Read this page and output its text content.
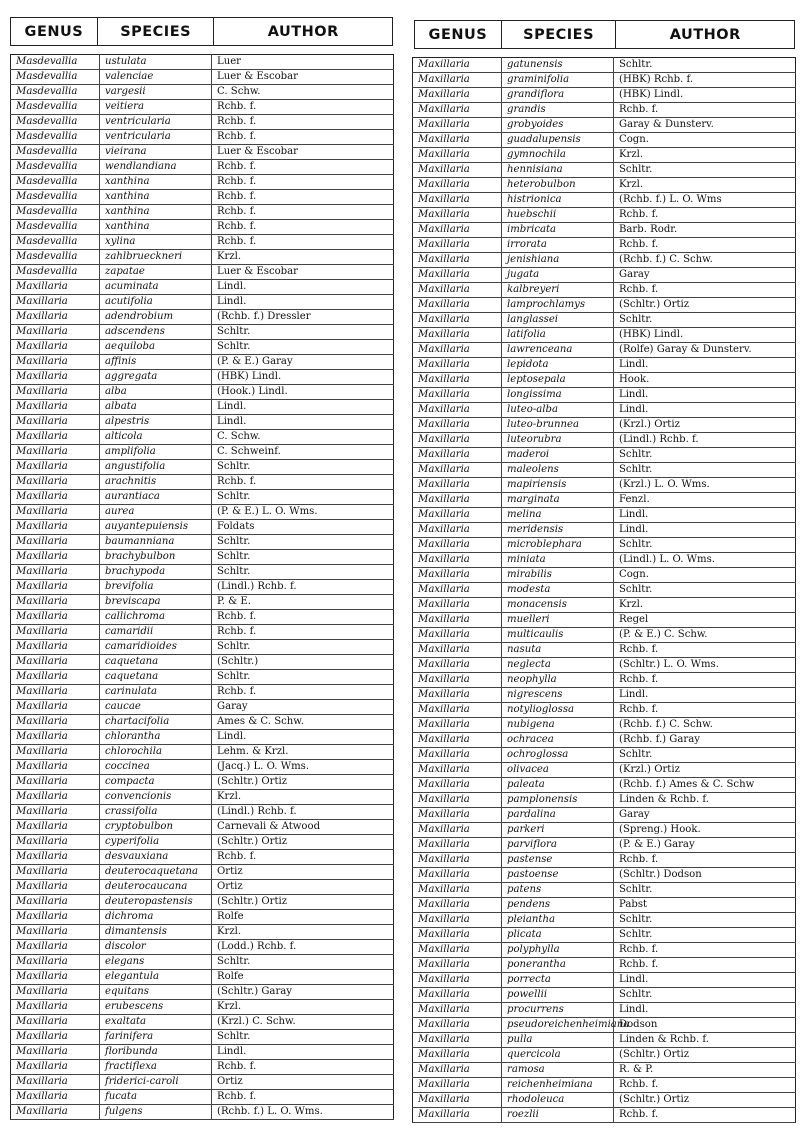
GENUS	SPECIES	AUTHOR	GENUS	SPECIES	AUTHOR
Masdevallia	ustulata	Luer
Masdevallia	valenciae	Luer & Escobar
Masdevallia	vargesii	C. Schw.
Masdevallia	veitiera	Rchb. f.
Masdevallia	ventricularia	Rchb. f.
Masdevallia	ventricularia	Rchb. f.
Masdevallia	vieirana	Luer & Escobar
Masdevallia	wendlandiana	Rchb. f.
Masdevallia	xanthina	Rchb. f.
Masdevallia	xanthina	Rchb. f.
Masdevallia	xanthina	Rchb. f.
Masdevallia	xanthina	Rchb. f.
Masdevallia	xylina	Rchb. f.
Masdevallia	zahlbrueckneri	Krzl.
Masdevallia	zapatae	Luer & Escobar
Maxillaria	acuminata	Lindl.
Maxillaria	acutifolia	Lindl.
Maxillaria	adendrobium	(Rchb. f.) Dressler
Maxillaria	adscendens	Schltr.
Maxillaria	aequiloba	Schltr.
Maxillaria	affinis	(P. & E.) Garay
Maxillaria	aggregata	(HBK) Lindl.
Maxillaria	alba	(Hook.) Lindl.
Maxillaria	albata	Lindl.
Maxillaria	alpestris	Lindl.
Maxillaria	alticola	C. Schw.
Maxillaria	amplifolia	C. Schweinf.
Maxillaria	angustifolia	Schltr.
Maxillaria	arachnitis	Rchb. f.
Maxillaria	aurantiaca	Schltr.
Maxillaria	aurea	(P. & E.) L. O. Wms.
Maxillaria	auyantepuiensis	Foldats
Maxillaria	baumanniana	Schltr.
Maxillaria	brachybulbon	Schltr.
Maxillaria	brachypoda	Schltr.
Maxillaria	brevifolia	(Lindl.) Rchb. f.
Maxillaria	breviscapa	P. & E.
Maxillaria	callichroma	Rchb. f.
Maxillaria	camaridii	Rchb. f.
Maxillaria	camaridioides	Schltr.
Maxillaria	caquetana	(Schltr.)
Maxillaria	caquetana	Schltr.
Maxillaria	carinulata	Rchb. f.
Maxillaria	caucae	Garay
Maxillaria	chartacifolia	Ames & C. Schw.
Maxillaria	chlorantha	Lindl.
Maxillaria	chlorochila	Lehm. & Krzl.
Maxillaria	coccinea	(Jacq.) L. O. Wms.
Maxillaria	compacta	(Schltr.) Ortiz
Maxillaria	convencionis	Krzl.
Maxillaria	crassifolia	(Lindl.) Rchb. f.
Maxillaria	cryptobulbon	Carnevali & Atwood
Maxillaria	cyperifolia	(Schltr.) Ortiz
Maxillaria	desvauxiana	Rchb. f.
Maxillaria	deuterocaquetana	Ortiz
Maxillaria	deuterocaucana	Ortiz
Maxillaria	deuteropastensis	(Schltr.) Ortiz
Maxillaria	dichroma	Rolfe
Maxillaria	dimantensis	Krzl.
Maxillaria	discolor	(Lodd.) Rchb. f.
Maxillaria	elegans	Schltr.
Maxillaria	elegantula	Rolfe
Maxillaria	equitans	(Schltr.) Garay
Maxillaria	erubescens	Krzl.
Maxillaria	exaltata	(Krzl.) C. Schw.
Maxillaria	farinifera	Schltr.
Maxillaria	floribunda	Lindl.
Maxillaria	fractiflexa	Rchb. f.
Maxillaria	friderici-caroli	Ortiz
Maxillaria	fucata	Rchb. f.
Maxillaria	fulgens	(Rchb. f.) L. O. Wms.
Maxillaria	gatunensis	Schltr.
Maxillaria	graminifolia	(HBK) Rchb. f.
Maxillaria	grandiflora	(HBK) Lindl.
Maxillaria	grandis	Rchb. f.
Maxillaria	grobyoides	Garay & Dunsterv.
Maxillaria	guadalupensis	Cogn.
Maxillaria	gymnochila	Krzl.
Maxillaria	hennisiana	Schltr.
Maxillaria	heterobulbon	Krzl.
Maxillaria	histrionica	(Rchb. f.) L. O. Wms
Maxillaria	huebschii	Rchb. f.
Maxillaria	imbricata	Barb. Rodr.
Maxillaria	irrorata	Rchb. f.
Maxillaria	jenishiana	(Rchb. f.) C. Schw.
Maxillaria	jugata	Garay
Maxillaria	kalbreyeri	Rchb. f.
Maxillaria	lamprochlamys	(Schltr.) Ortiz
Maxillaria	langlassei	Schltr.
Maxillaria	latifolia	(HBK) Lindl.
Maxillaria	lawrenceana	(Rolfe) Garay & Dunsterv.
Maxillaria	lepidota	Lindl.
Maxillaria	leptosepala	Hook.
Maxillaria	longissima	Lindl.
Maxillaria	luteo-alba	Lindl.
Maxillaria	luteo-brunnea	(Krzl.) Ortiz
Maxillaria	luteorubra	(Lindl.) Rchb. f.
Maxillaria	maderoi	Schltr.
Maxillaria	maleolens	Schltr.
Maxillaria	mapiriensis	(Krzl.) L. O. Wms.
Maxillaria	marginata	Fenzl.
Maxillaria	melina	Lindl.
Maxillaria	meridensis	Lindl.
Maxillaria	microblephara	Schltr.
Maxillaria	miniata	(Lindl.) L. O. Wms.
Maxillaria	mirabilis	Cogn.
Maxillaria	modesta	Schltr.
Maxillaria	monacensis	Krzl.
Maxillaria	muelleri	Regel
Maxillaria	multicaulis	(P. & E.) C. Schw.
Maxillaria	nasuta	Rchb. f.
Maxillaria	neglecta	(Schltr.) L. O. Wms.
Maxillaria	neophylla	Rchb. f.
Maxillaria	nigrescens	Lindl.
Maxillaria	notylioglossa	Rchb. f.
Maxillaria	nubigena	(Rchb. f.) C. Schw.
Maxillaria	ochracea	(Rchb. f.) Garay
Maxillaria	ochroglossa	Schltr.
Maxillaria	olivacea	(Krzl.) Ortiz
Maxillaria	paleata	(Rchb. f.) Ames & C. Schw
Maxillaria	pamplonensis	Linden & Rchb. f.
Maxillaria	pardalina	Garay
Maxillaria	parkeri	(Spreng.) Hook.
Maxillaria	parviflora	(P. & E.) Garay
Maxillaria	pastense	Rchb. f.
Maxillaria	pastoense	(Schltr.) Dodson
Maxillaria	patens	Schltr.
Maxillaria	pendens	Pabst
Maxillaria	pleiantha	Schltr.
Maxillaria	plicata	Schltr.
Maxillaria	polyphylla	Rchb. f.
Maxillaria	ponerantha	Rchb. f.
Maxillaria	porrecta	Lindl.
Maxillaria	powellii	Schltr.
Maxillaria	procurrens	Lindl.
Maxillaria	pseudoreichenheimiana	Dodson
Maxillaria	pulla	Linden & Rchb. f.
Maxillaria	quercicola	(Schltr.) Ortiz
Maxillaria	ramosa	R. & P.
Maxillaria	reichenheimiana	Rchb. f.
Maxillaria	rhodoleuca	(Schltr.) Ortiz
Maxillaria	roezlii	Rchb. f.
